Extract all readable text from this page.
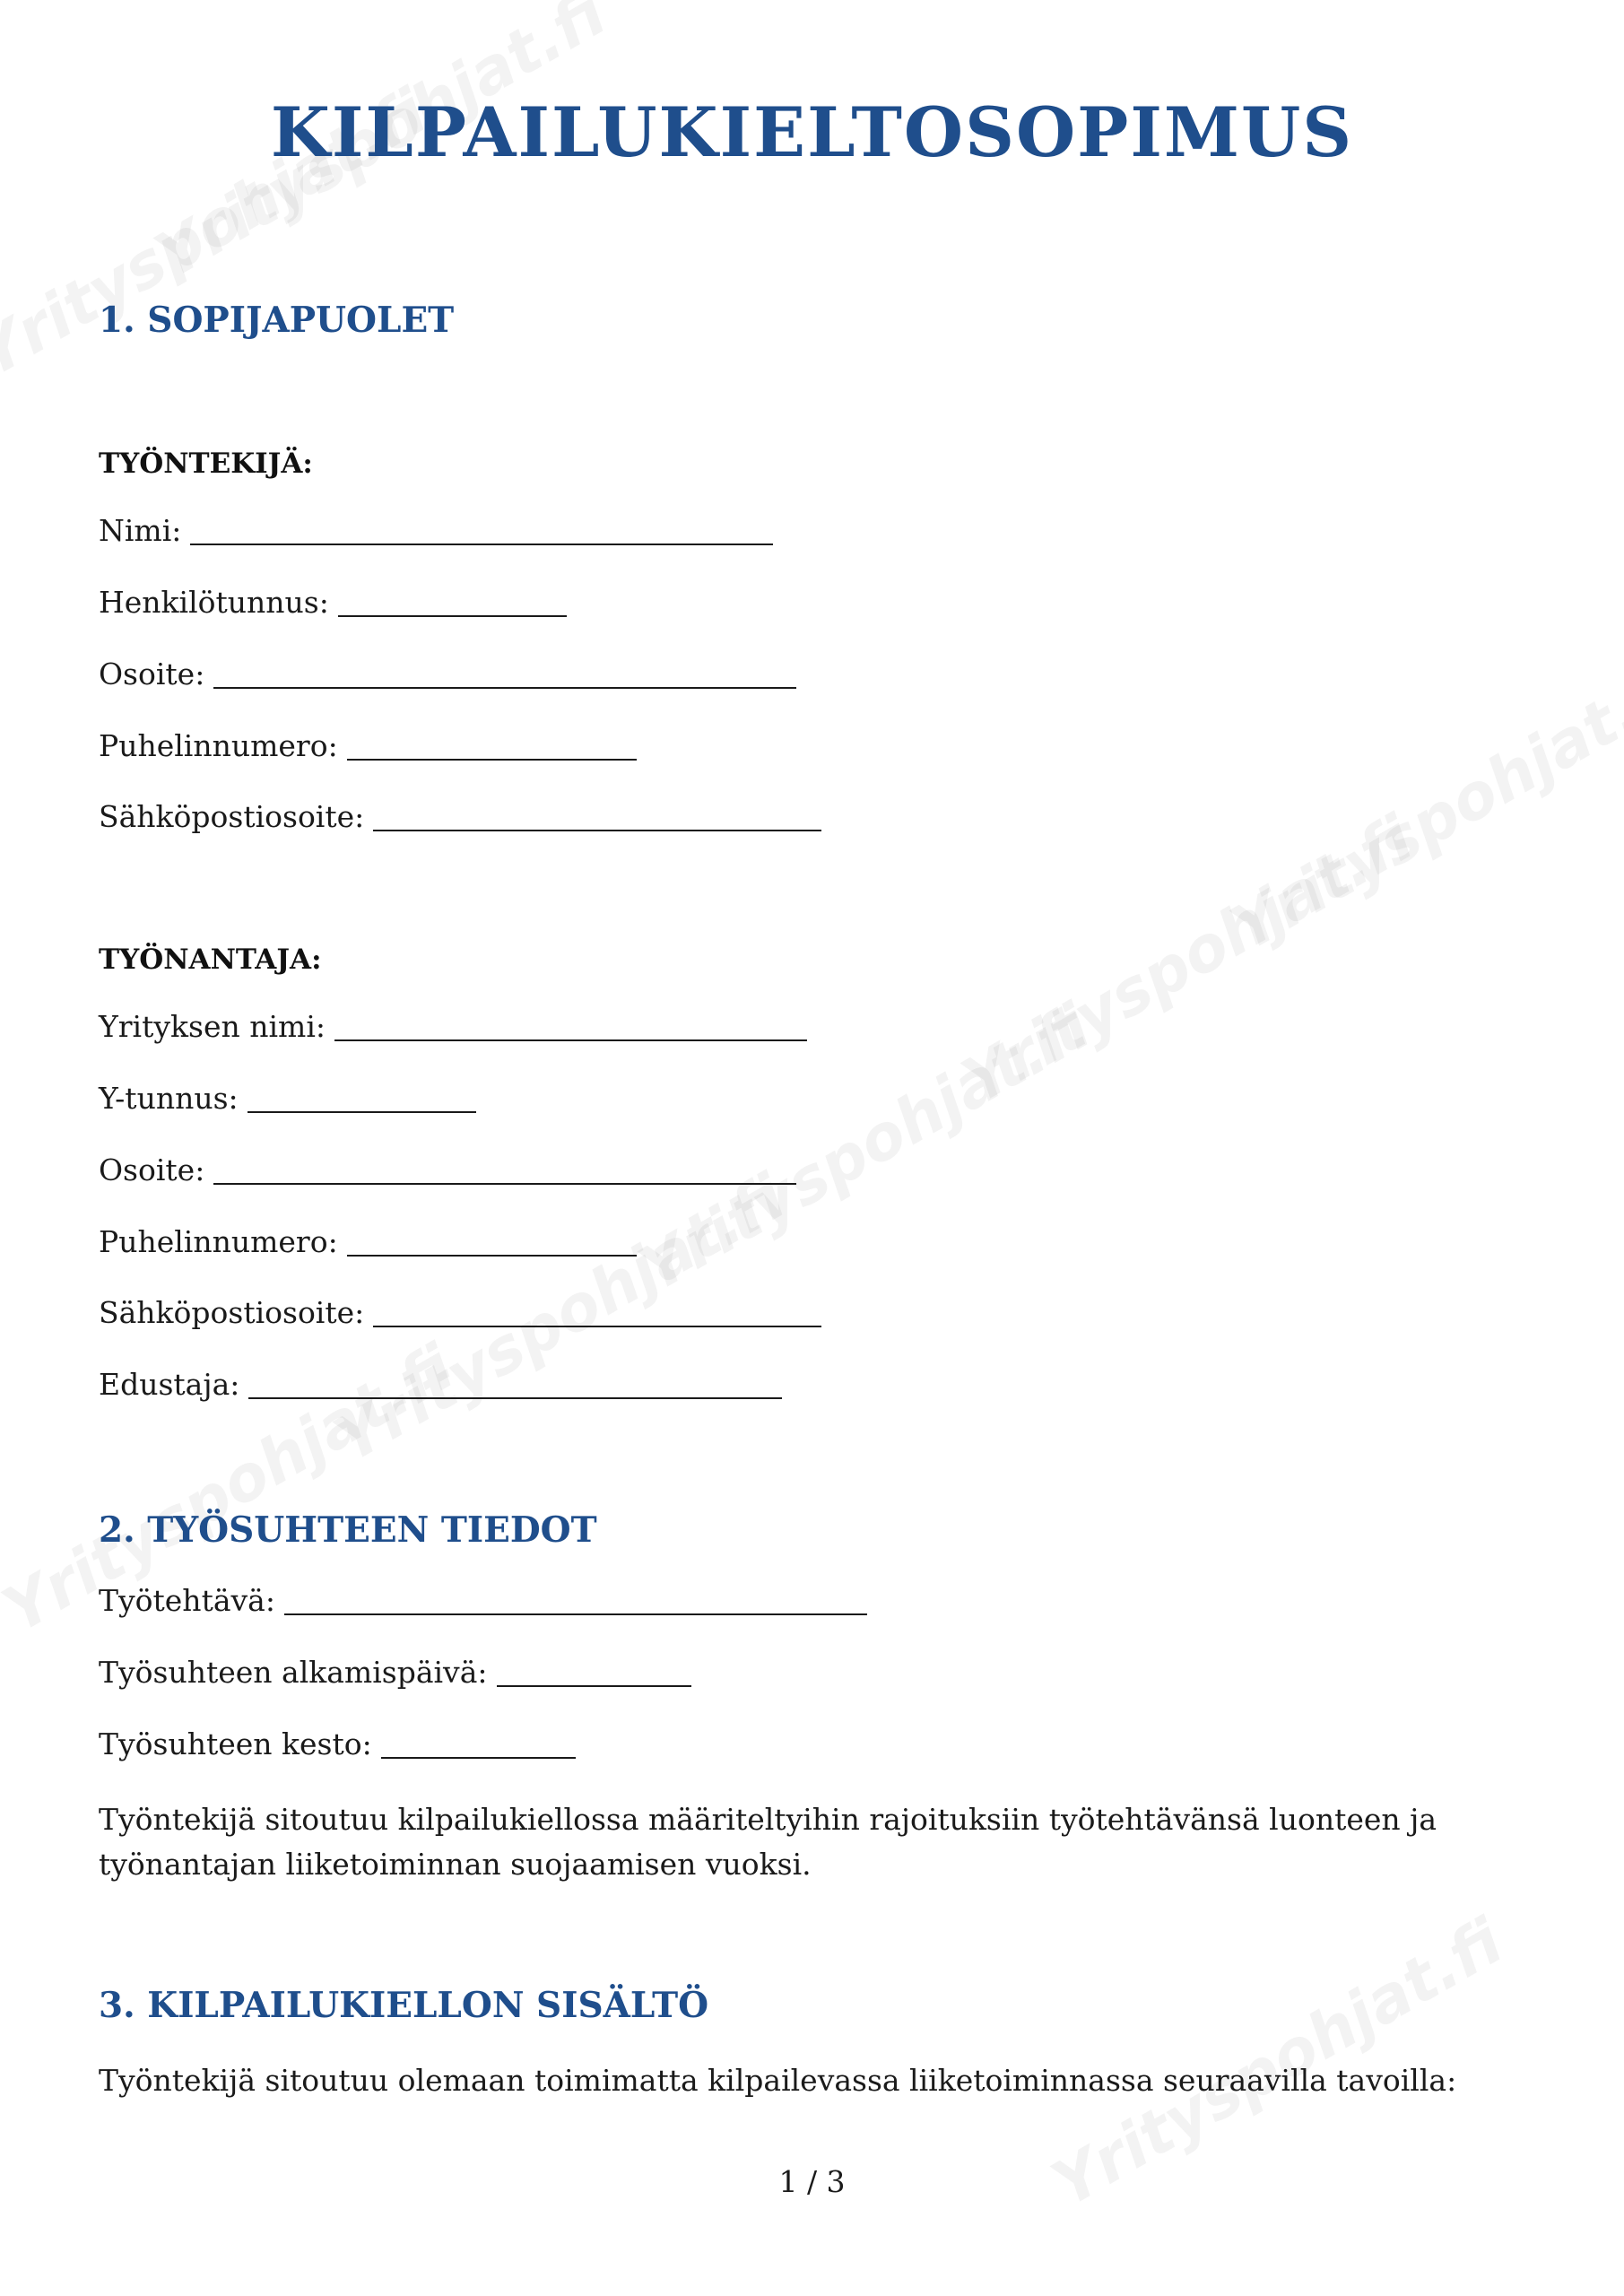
KILPAILUKIELTOSOPIMUS
1. SOPIJAPUOLET
TYÖNTEKIJÄ:
Nimi:
Henkilötunnus:
Osoite:
Puhelinnumero:
Sähköpostiosoite:
TYÖNANTAJA:
Yrityksen nimi:
Y-tunnus:
Osoite:
Puhelinnumero:
Sähköpostiosoite:
Edustaja:
2. TYÖSUHTEEN TIEDOT
Työtehtävä:
Työsuhteen alkamispäivä:
Työsuhteen kesto:
Työntekijä sitoutuu kilpailukiellossa määriteltyihin rajoituksiin työtehtävänsä luonteen ja työnantajan liiketoiminnan suojaamisen vuoksi.
3. KILPAILUKIELLON SISÄLTÖ
Työntekijä sitoutuu olemaan toimimatta kilpailevassa liiketoiminnassa seuraavilla tavoilla:
1 / 3
